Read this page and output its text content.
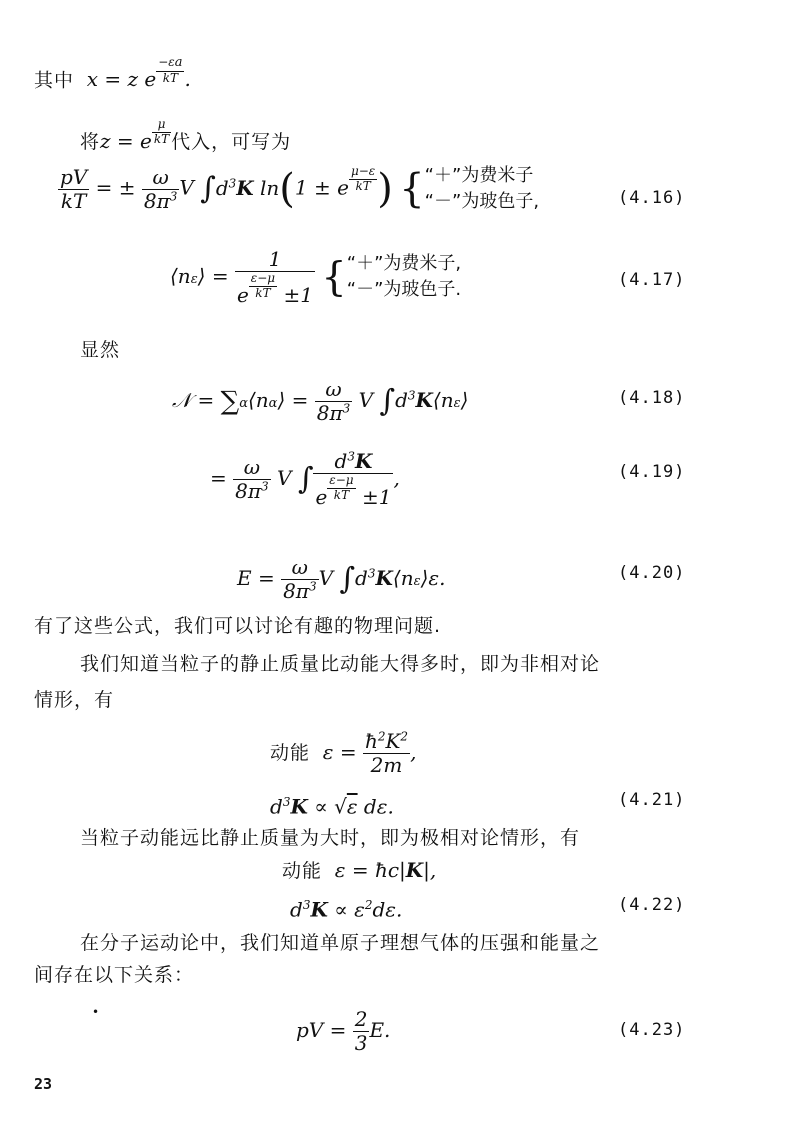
其中  x = z e $\frac{-\varepsilon a}{kT}$ .
将z = e $\frac{\mu}{kT}$ 代入，可写为
$\frac{pV}{kT}$ = ± $\frac{\omega}{8\pi^3}$ V $\int d^3K$ ln(1 ± e $\frac{\mu-\varepsilon}{kT}$ ) {“＋”为费米子
“－”为玻色子,	(4.16)
⟨nε⟩ = $\frac{1}{e \frac{\varepsilon-\mu}{kT} \pm 1}$ {“＋”为费米子,
“－”为玻色子.	(4.17)
显然
𝒩 = ∑α⟨nα⟩ = $\frac{\omega}{8\pi^3}$ V $\int d^3K⟨n\varepsilon⟩$	(4.18)
= $\frac{\omega}{8\pi^3}$ V ∫ $\frac{d^3K}{e \frac{\varepsilon-\mu}{kT} \pm 1}$ ,	(4.19)
$E = \frac{\omega}{8\pi^3}$ V $\int d^3K⟨n\varepsilon⟩\varepsilon$.	(4.20)
有了这些公式，我们可以讨论有趣的物理问题.
我们知道当粒子的静止质量比动能大得多时，即为非相对论
情形，有
动能  $\varepsilon = \frac{ħ^2K^2}{2m}$ ,
$d^3K \propto √\varepsilon$ dε.	(4.21)
当粒子动能远比静止质量为大时，即为极相对论情形，有
动能  ε = ħc|K|,
$d^3K \propto \varepsilon^2d\varepsilon$.	(4.22)
在分子运动论中，我们知道单原子理想气体的压强和能量之
间存在以下关系：
•
pV = $\frac{2}{3} E$.	(4.23)
23
